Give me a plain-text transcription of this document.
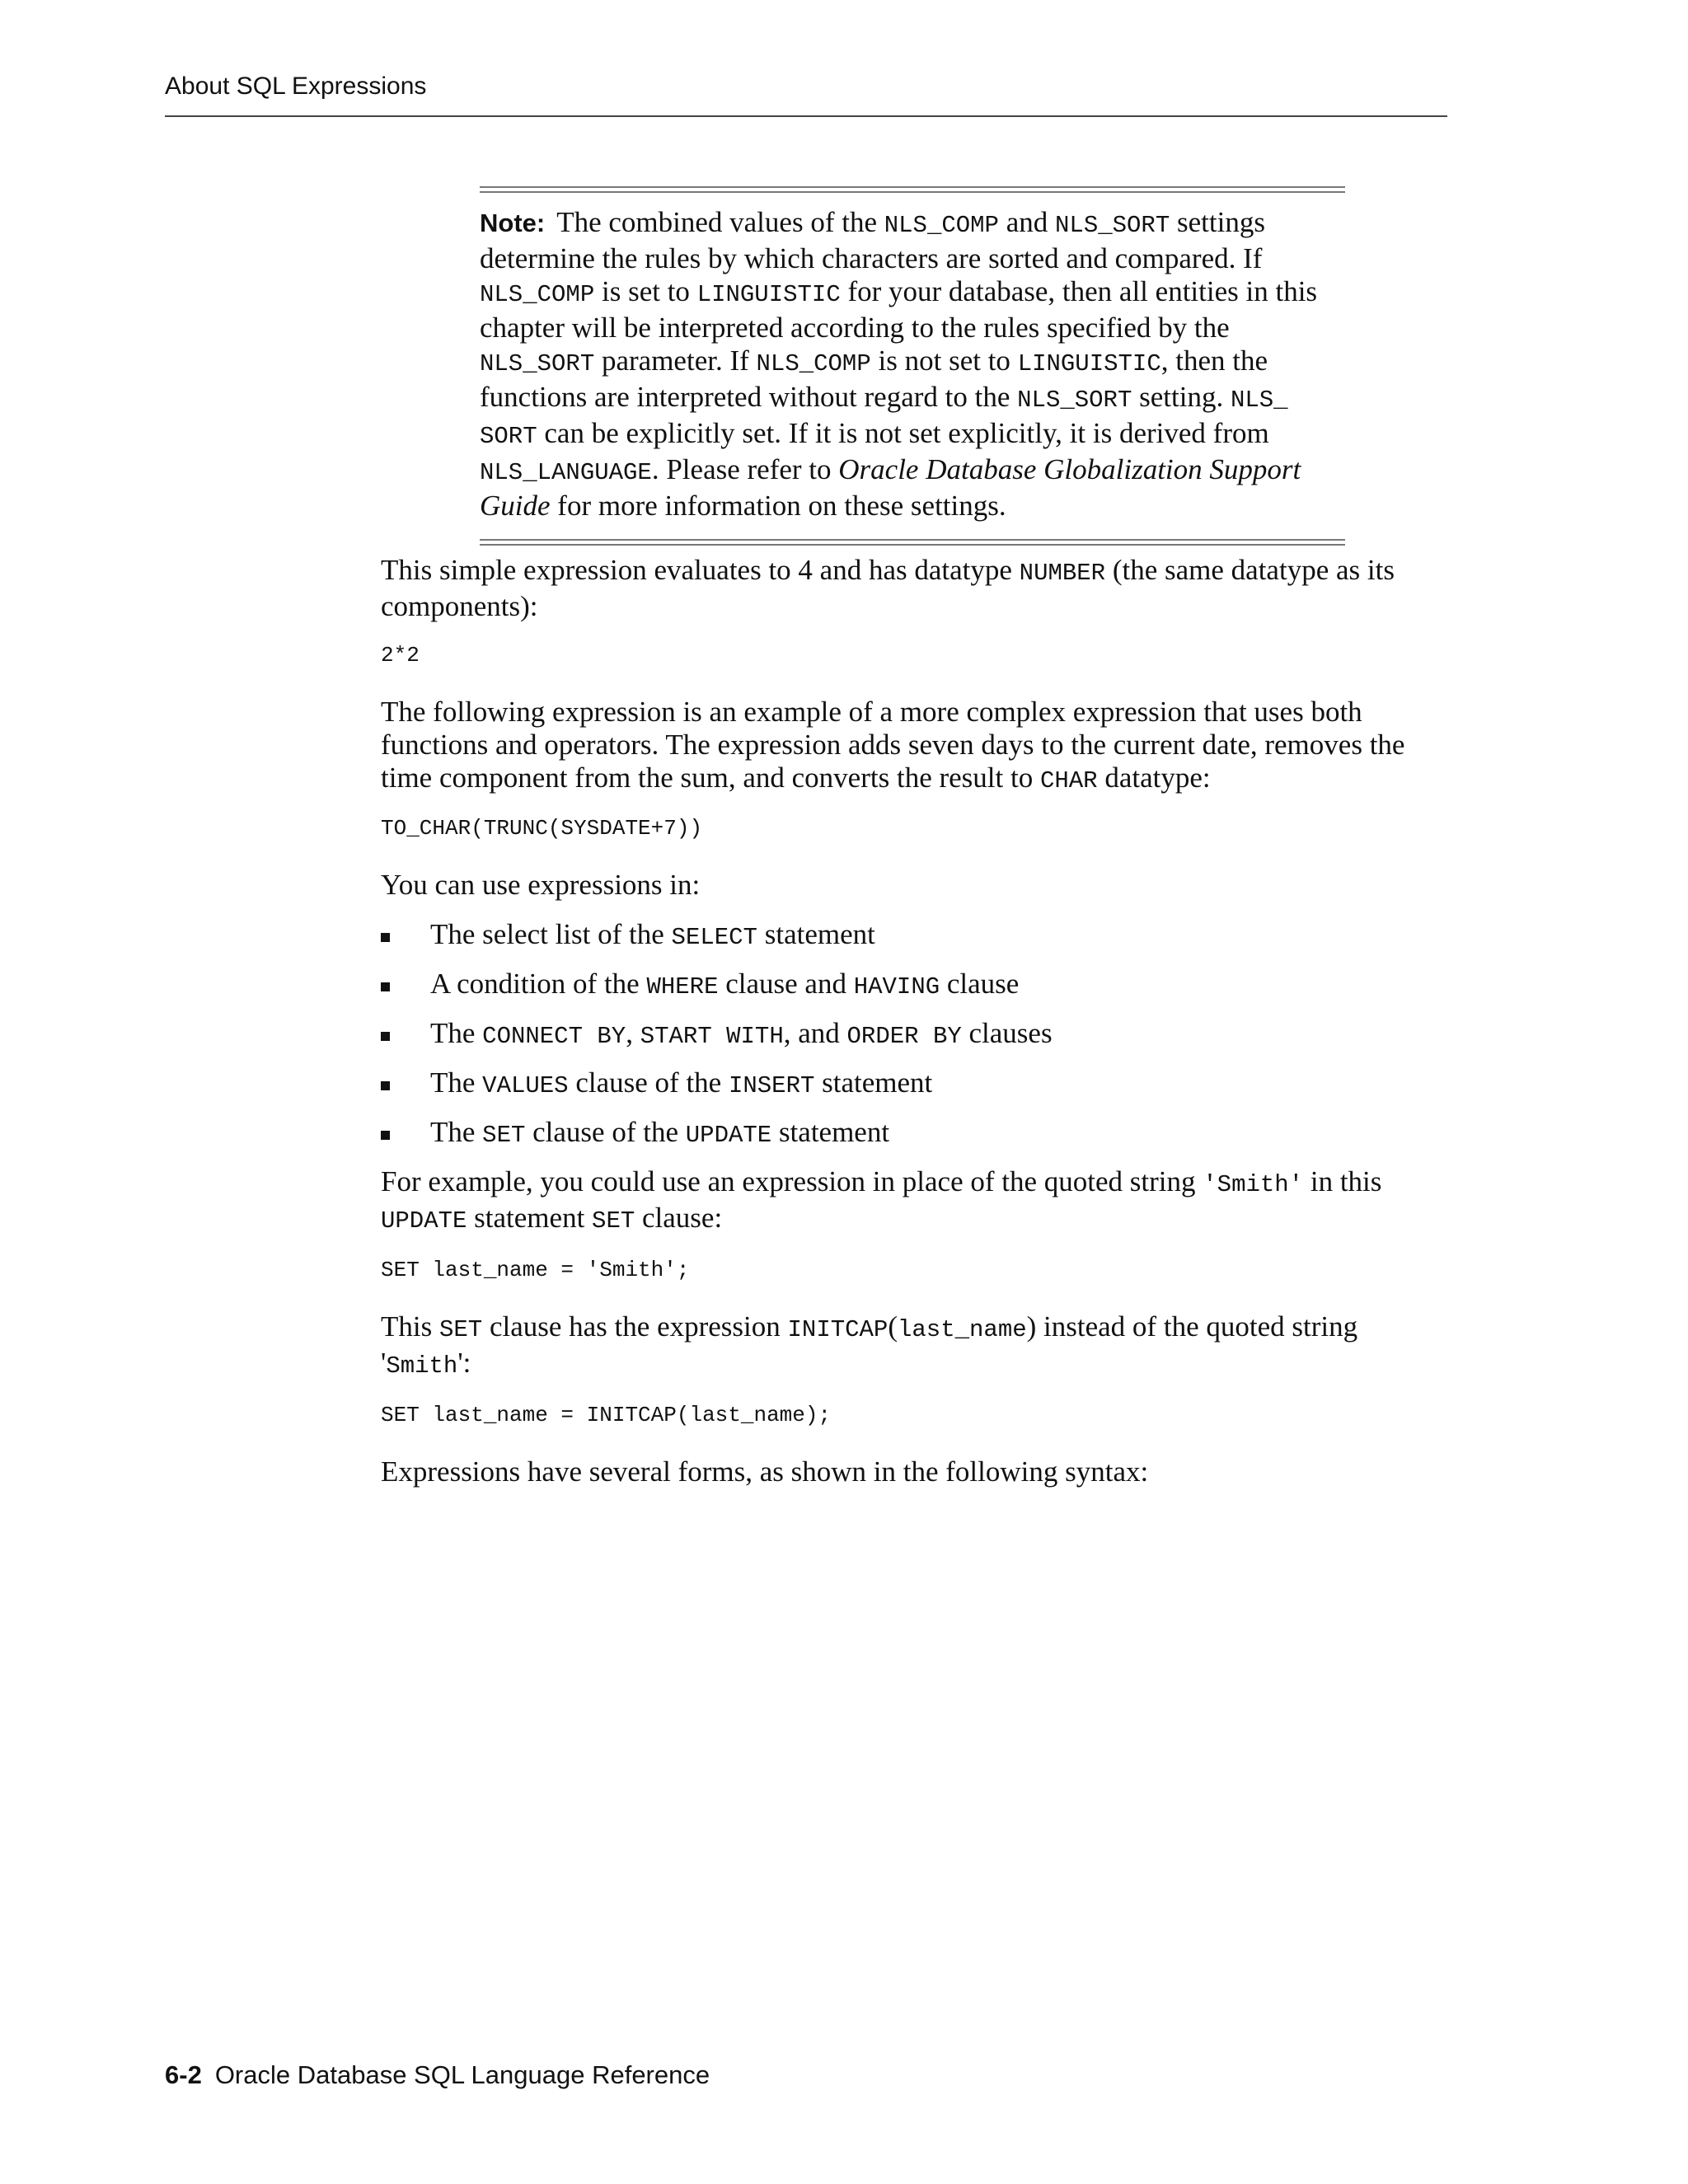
About SQL Expressions
Note: The combined values of the NLS_COMP and NLS_SORT settings determine the rules by which characters are sorted and compared. If NLS_COMP is set to LINGUISTIC for your database, then all entities in this chapter will be interpreted according to the rules specified by the NLS_SORT parameter. If NLS_COMP is not set to LINGUISTIC, then the functions are interpreted without regard to the NLS_SORT setting. NLS_
SORT can be explicitly set. If it is not set explicitly, it is derived from NLS_LANGUAGE. Please refer to Oracle Database Globalization Support
Guide for more information on these settings.

This simple expression evaluates to 4 and has datatype NUMBER (the same datatype as its components):

2*2

The following expression is an example of a more complex expression that uses both functions and operators. The expression adds seven days to the current date, removes the time component from the sum, and converts the result to CHAR datatype:

TO_CHAR(TRUNC(SYSDATE+7))

You can use expressions in:

The select list of the SELECT statement
A condition of the WHERE clause and HAVING clause
The CONNECT BY, START WITH, and ORDER BY clauses
The VALUES clause of the INSERT statement
The SET clause of the UPDATE statement

For example, you could use an expression in place of the quoted string 'Smith' in this
UPDATE statement SET clause:

SET last_name = 'Smith';

This SET clause has the expression INITCAP(last_name) instead of the quoted string 'Smith':

SET last_name = INITCAP(last_name);

Expressions have several forms, as shown in the following syntax:

6-2 Oracle Database SQL Language Reference
